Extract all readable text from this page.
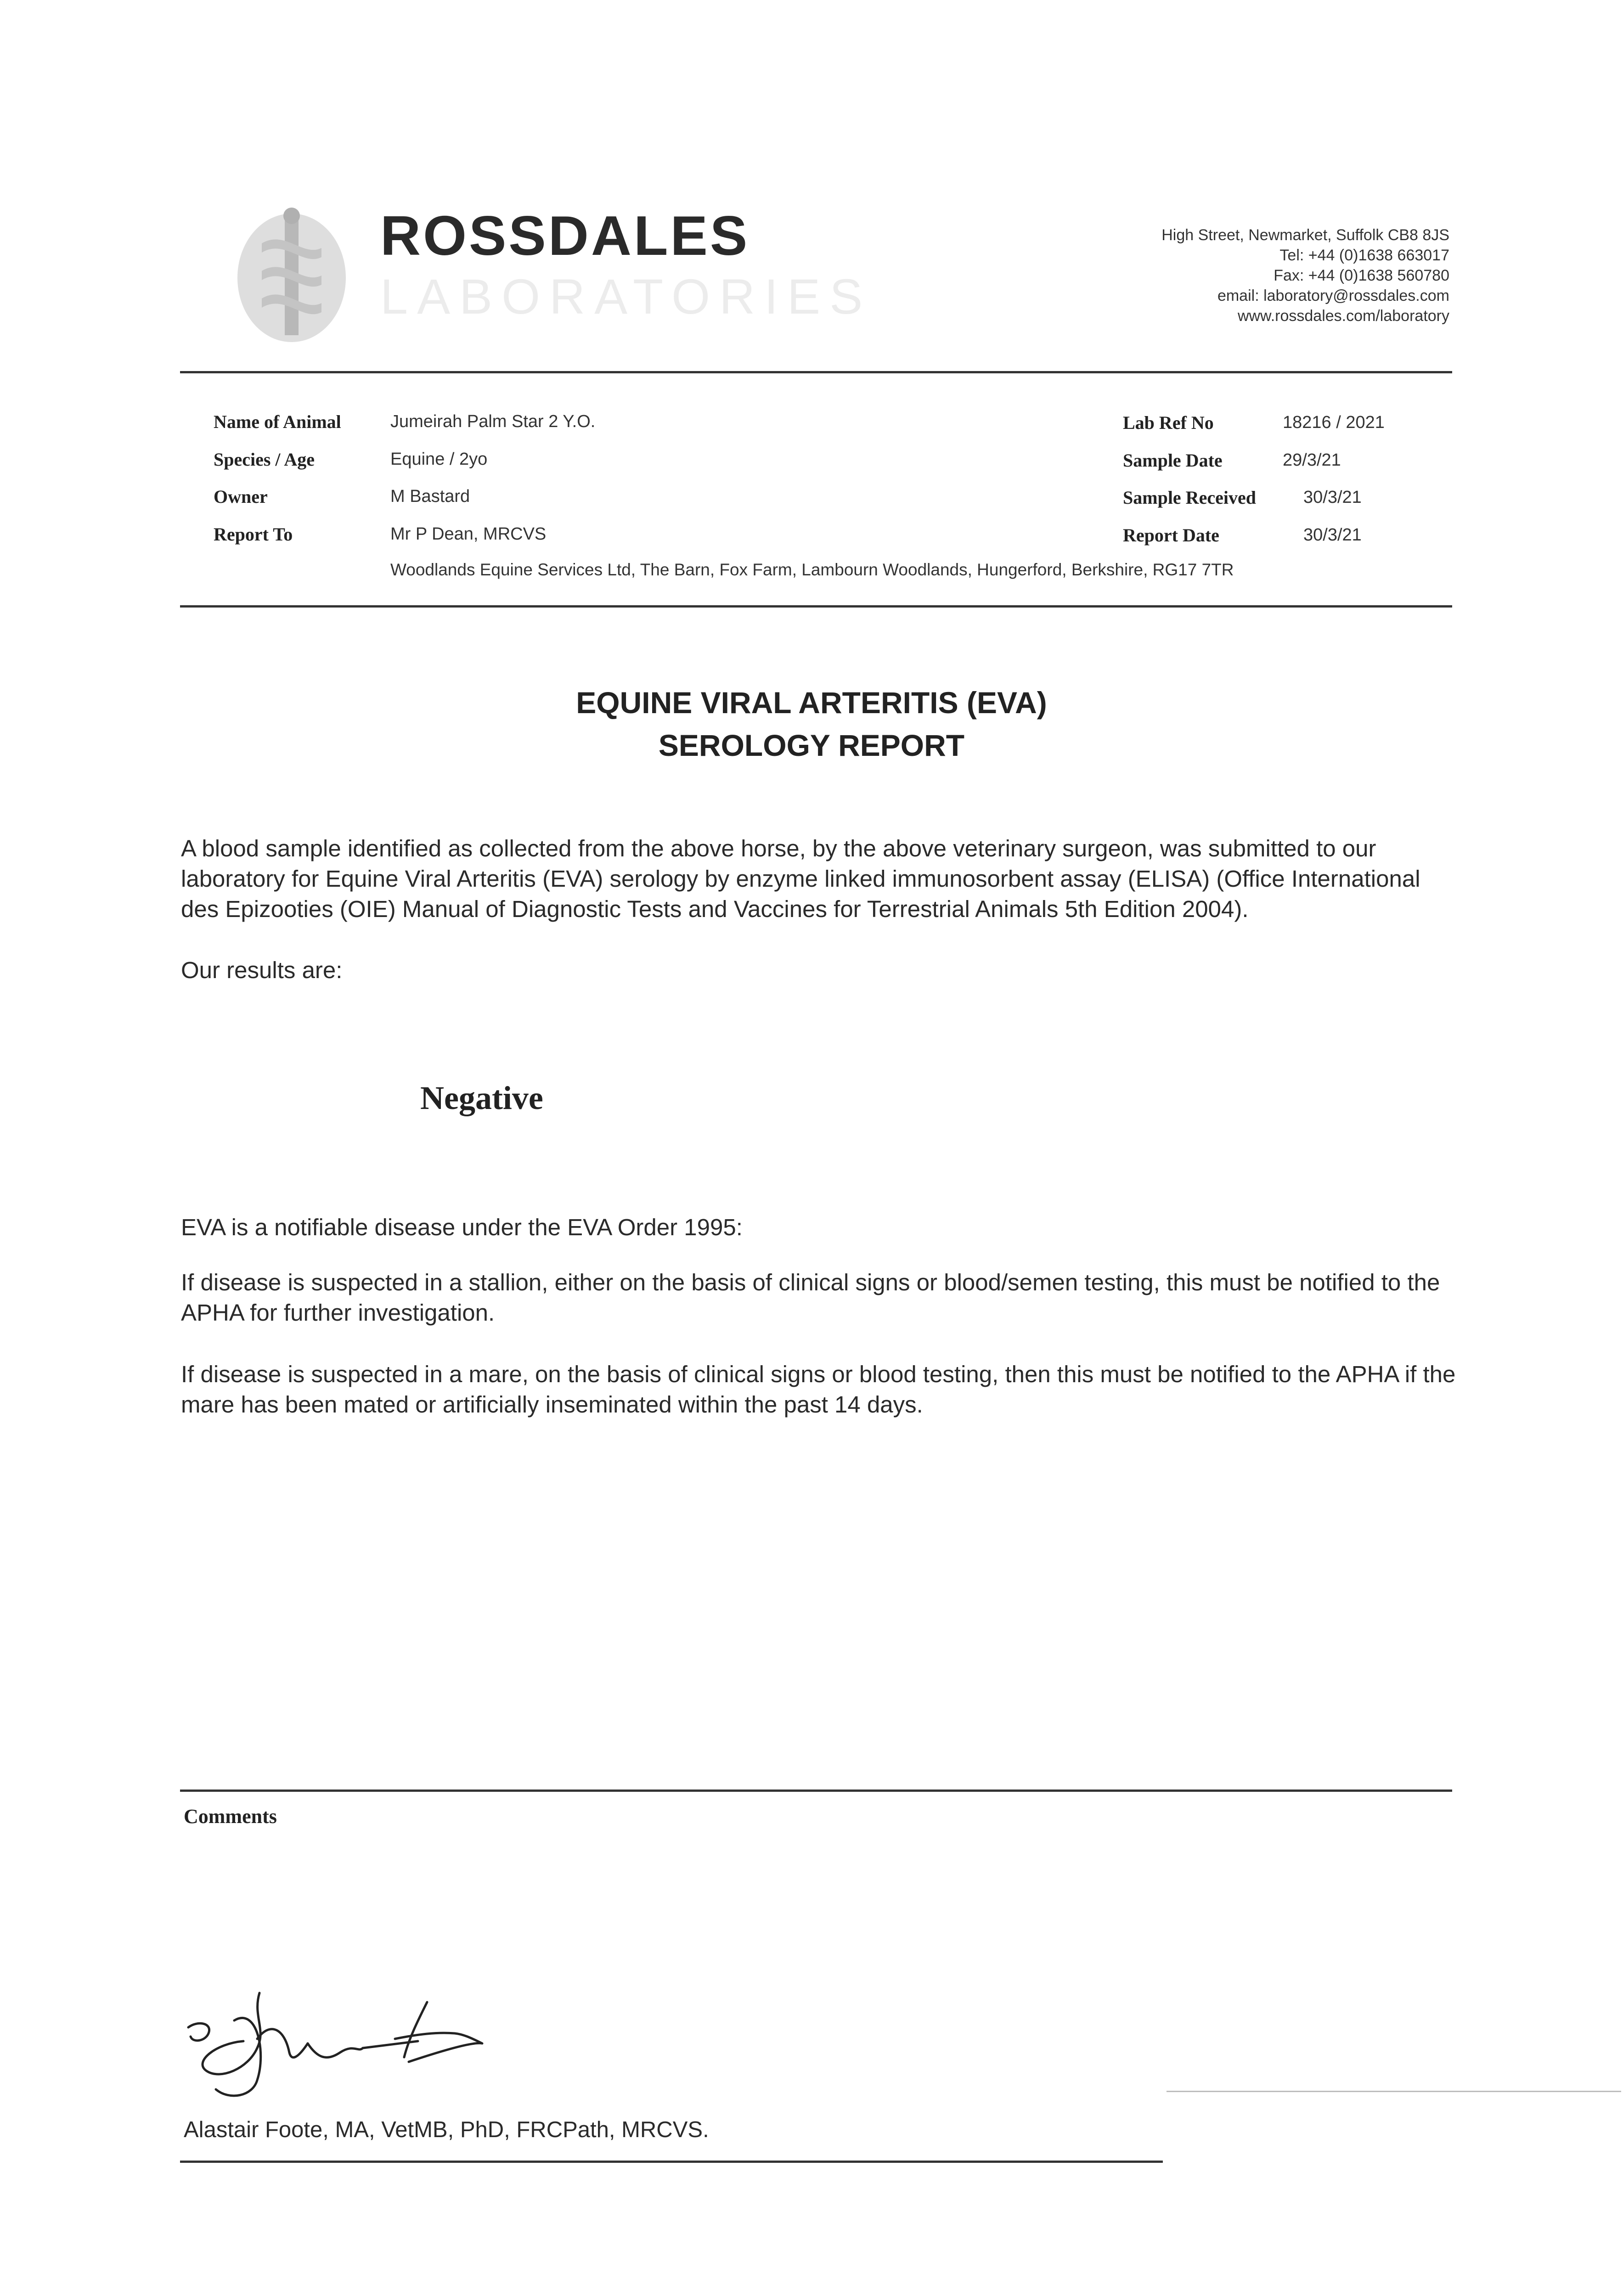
ROSSDALES
LABORATORIES
High Street, Newmarket, Suffolk CB8 8JS
Tel: +44 (0)1638 663017
Fax: +44 (0)1638 560780
email: laboratory@rossdales.com
www.rossdales.com/laboratory
Name of Animal	Jumeirah Palm Star 2 Y.O.
Species / Age	Equine / 2yo
Owner	M Bastard
Report To	Mr P Dean, MRCVS
Woodlands Equine Services Ltd, The Barn, Fox Farm, Lambourn Woodlands, Hungerford, Berkshire, RG17 7TR
Lab Ref No	18216 / 2021
Sample Date	29/3/21
Sample Received	30/3/21
Report Date	30/3/21
EQUINE VIRAL ARTERITIS (EVA)
SEROLOGY REPORT
A blood sample identified as collected from the above horse, by the above veterinary surgeon, was submitted to our laboratory for Equine Viral Arteritis (EVA) serology by enzyme linked immunosorbent assay (ELISA) (Office International des Epizooties (OIE) Manual of Diagnostic Tests and Vaccines for Terrestrial Animals 5th Edition 2004).
Our results are:
Negative
EVA is a notifiable disease under the EVA Order 1995:
If disease is suspected in a stallion, either on the basis of clinical signs or blood/semen testing, this must be notified to the APHA for further investigation.
If disease is suspected in a mare, on the basis of clinical signs or blood testing, then this must be notified to the APHA if the mare has been mated or artificially inseminated within the past 14 days.
Comments
Alastair Foote, MA, VetMB, PhD, FRCPath, MRCVS.
